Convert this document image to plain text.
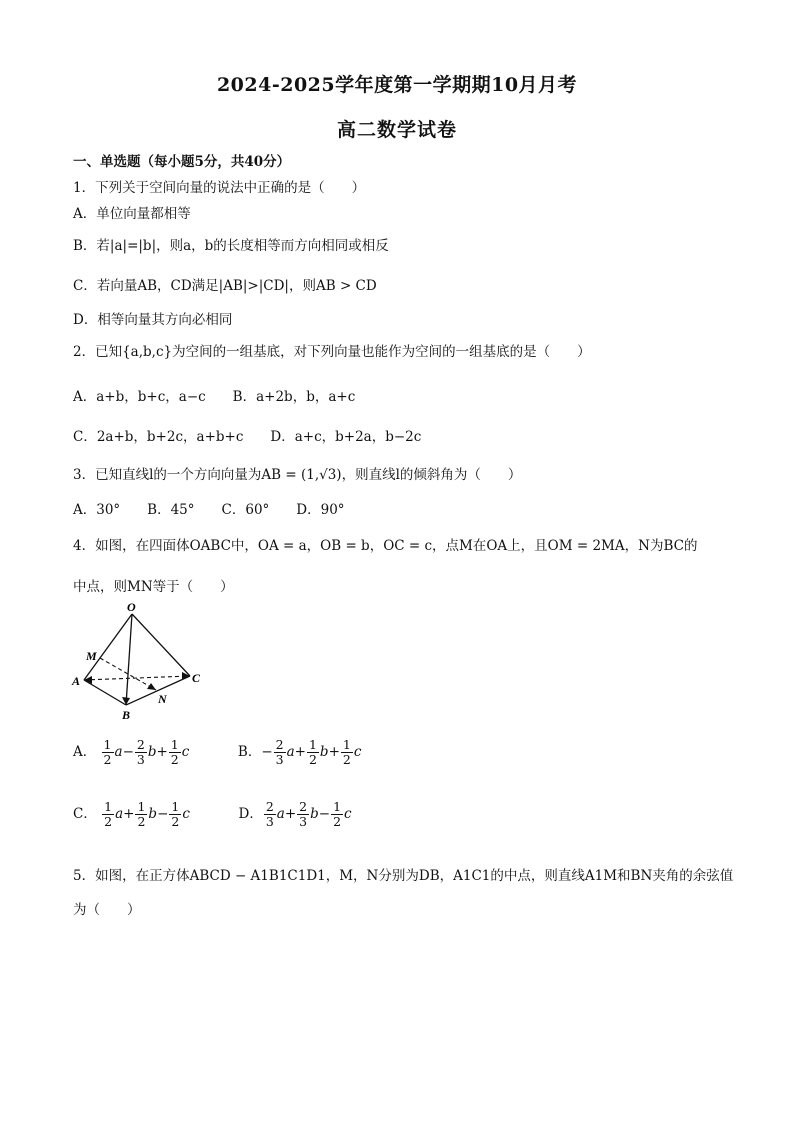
2024-2025学年度第一学期期10月月考
高二数学试卷
一、单选题（每小题5分，共40分）
1．下列关于空间向量的说法中正确的是（　　）
A．单位向量都相等
B．若|a|=|b|，则a，b的长度相等而方向相同或相反
C．若向量AB，CD满足|AB|>|CD|，则AB > CD
D．相等向量其方向必相同
2．已知{a,b,c}为空间的一组基底，对下列向量也能作为空间的一组基底的是（　　）
A．a+b，b+c，a−c　　B．a+2b，b，a+c
C．2a+b，b+2c，a+b+c　　D．a+c，b+2a，b−2c
3．已知直线l的一个方向向量为AB = (1,√3)，则直线l的倾斜角为（　　）
A．30°　　B．45°　　C．60°　　D．90°
4．如图，在四面体OABC中，OA = a，OB = b，OC = c，点M在OA上，且OM = 2MA，N为BC的
中点，则MN等于（　　）
O
M
A	C
N
B
A． $\frac{1}{2} a- \frac{2}{3} b+ \frac{1}{2}$ c	B．− $\frac{2}{3} a+ \frac{1}{2} b+ \frac{1}{2}$ c
C． $\frac{1}{2} a+ \frac{1}{2} b- \frac{1}{2}$ c	D． $\frac{2}{3} a+ \frac{2}{3} b- \frac{1}{2}$ c
5．如图，在正方体ABCD − A1B1C1D1，M，N分别为DB，A1C1的中点，则直线A1M和BN夹角的余弦值
为（　　）
